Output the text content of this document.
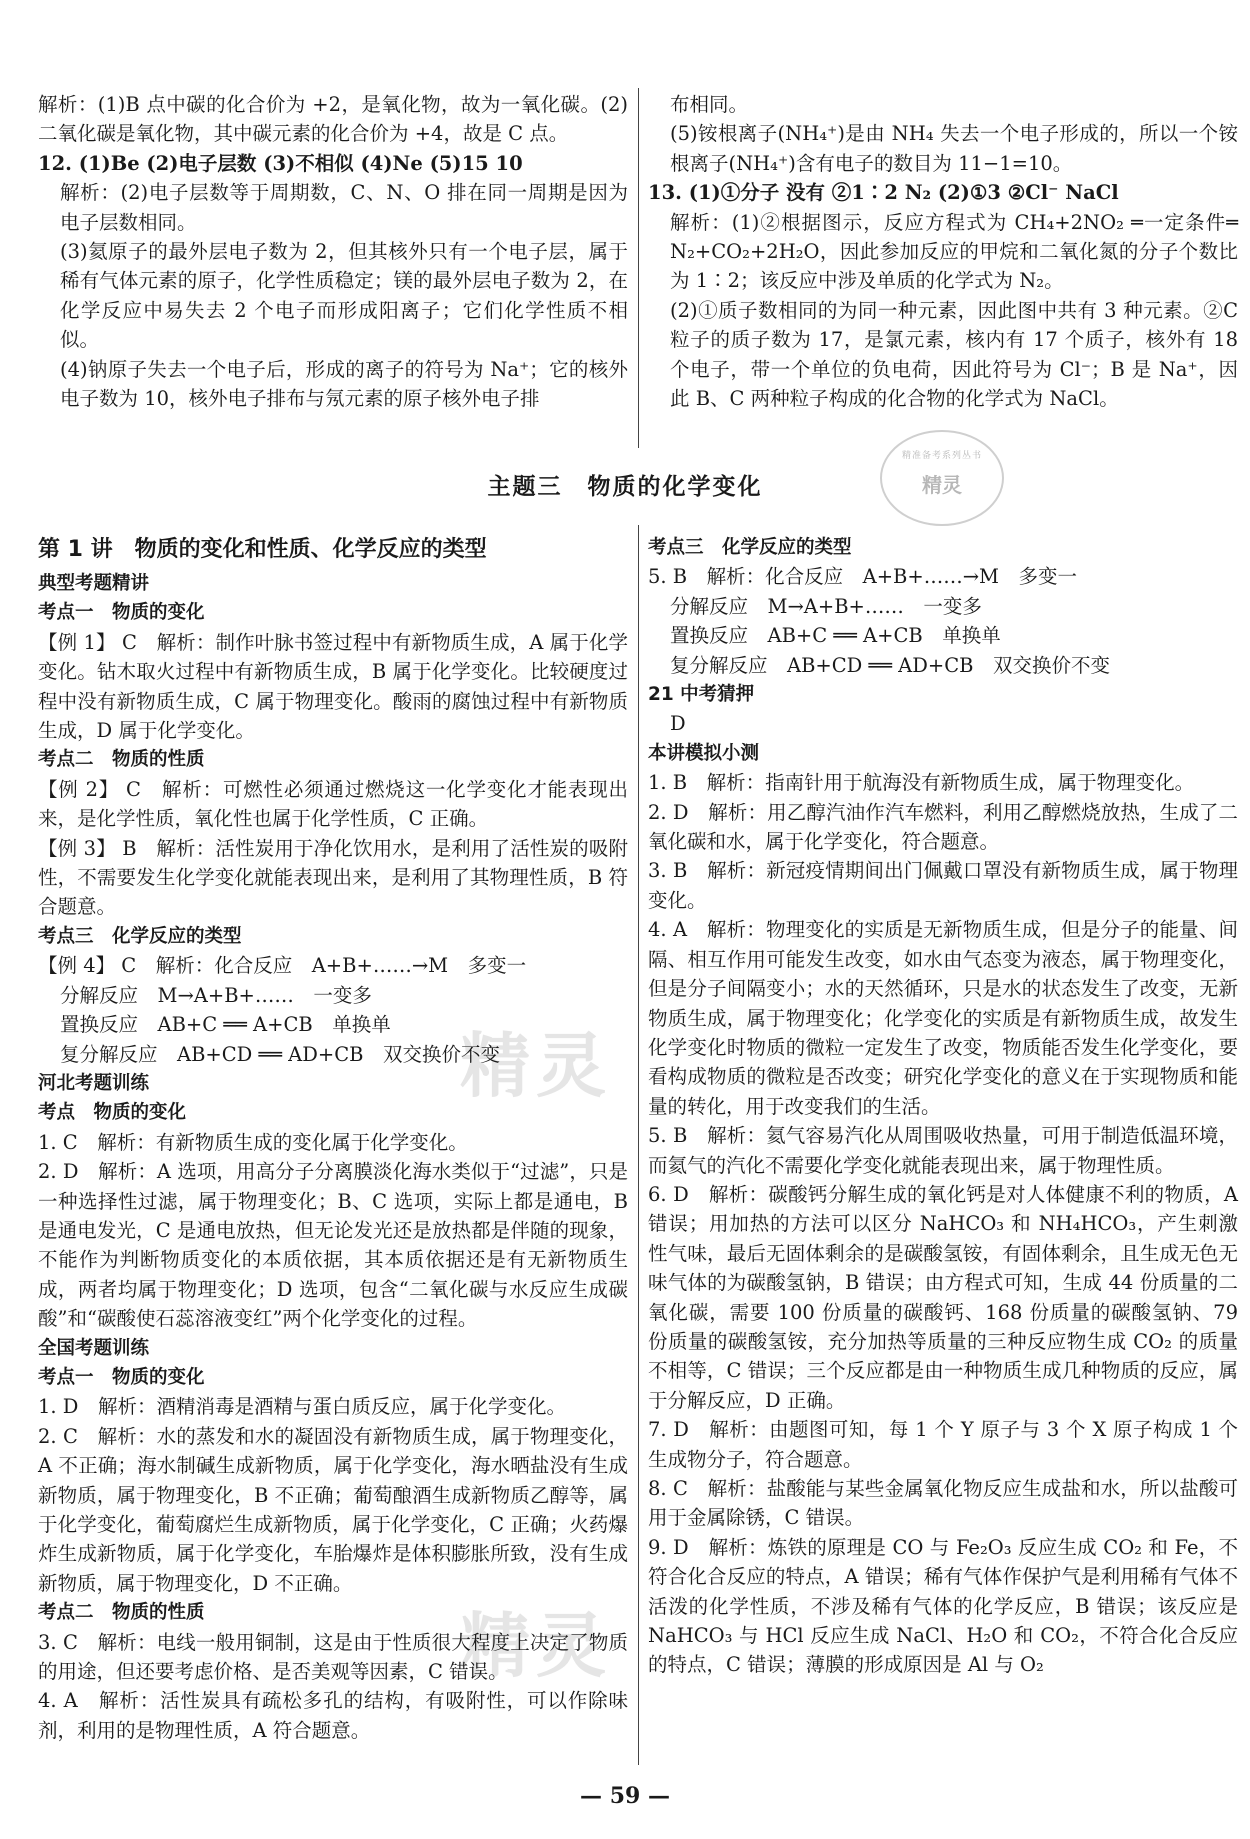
解析：(1)B 点中碳的化合价为 +2，是氧化物，故为一氧化碳。(2)二氧化碳是氧化物，其中碳元素的化合价为 +4，故是 C 点。

12. (1)Be (2)电子层数 (3)不相似 (4)Ne (5)15 10

解析：(2)电子层数等于周期数，C、N、O 排在同一周期是因为电子层数相同。

(3)氦原子的最外层电子数为 2，但其核外只有一个电子层，属于稀有气体元素的原子，化学性质稳定；镁的最外层电子数为 2，在化学反应中易失去 2 个电子而形成阳离子；它们化学性质不相似。

(4)钠原子失去一个电子后，形成的离子的符号为 Na⁺；它的核外电子数为 10，核外电子排布与氖元素的原子核外电子排

布相同。

(5)铵根离子(NH₄⁺)是由 NH₄ 失去一个电子形成的，所以一个铵根离子(NH₄⁺)含有电子的数目为 11−1=10。

13. (1)①分子 没有 ②1∶2 N₂ (2)①3 ②Cl⁻ NaCl

解析：(1)②根据图示，反应方程式为 CH₄+2NO₂ ═一定条件═ N₂+CO₂+2H₂O，因此参加反应的甲烷和二氧化氮的分子个数比为 1∶2；该反应中涉及单质的化学式为 N₂。

(2)①质子数相同的为同一种元素，因此图中共有 3 种元素。②C 粒子的质子数为 17，是氯元素，核内有 17 个质子，核外有 18 个电子，带一个单位的负电荷，因此符号为 Cl⁻；B 是 Na⁺，因此 B、C 两种粒子构成的化合物的化学式为 NaCl。

主题三　物质的化学变化
精准备考系列丛书
精灵
精灵
精灵
第 1 讲　物质的变化和性质、化学反应的类型

典型考题精讲

考点一　物质的变化

【例 1】 C　解析：制作叶脉书签过程中有新物质生成，A 属于化学变化。钻木取火过程中有新物质生成，B 属于化学变化。比较硬度过程中没有新物质生成，C 属于物理变化。酸雨的腐蚀过程中有新物质生成，D 属于化学变化。

考点二　物质的性质

【例 2】 C　解析：可燃性必须通过燃烧这一化学变化才能表现出来，是化学性质，氧化性也属于化学性质，C 正确。

【例 3】 B　解析：活性炭用于净化饮用水，是利用了活性炭的吸附性，不需要发生化学变化就能表现出来，是利用了其物理性质，B 符合题意。

考点三　化学反应的类型

【例 4】 C　解析：化合反应　A+B+……→M　多变一

分解反应　M→A+B+……　一变多

置换反应　AB+C ══ A+CB　单换单

复分解反应　AB+CD ══ AD+CB　双交换价不变

河北考题训练

考点　物质的变化

1. C　解析：有新物质生成的变化属于化学变化。

2. D　解析：A 选项，用高分子分离膜淡化海水类似于“过滤”，只是一种选择性过滤，属于物理变化；B、C 选项，实际上都是通电，B 是通电发光，C 是通电放热，但无论发光还是放热都是伴随的现象，不能作为判断物质变化的本质依据，其本质依据还是有无新物质生成，两者均属于物理变化；D 选项，包含“二氧化碳与水反应生成碳酸”和“碳酸使石蕊溶液变红”两个化学变化的过程。

全国考题训练

考点一　物质的变化

1. D　解析：酒精消毒是酒精与蛋白质反应，属于化学变化。

2. C　解析：水的蒸发和水的凝固没有新物质生成，属于物理变化，A 不正确；海水制碱生成新物质，属于化学变化，海水晒盐没有生成新物质，属于物理变化，B 不正确；葡萄酿酒生成新物质乙醇等，属于化学变化，葡萄腐烂生成新物质，属于化学变化，C 正确；火药爆炸生成新物质，属于化学变化，车胎爆炸是体积膨胀所致，没有生成新物质，属于物理变化，D 不正确。

考点二　物质的性质

3. C　解析：电线一般用铜制，这是由于性质很大程度上决定了物质的用途，但还要考虑价格、是否美观等因素，C 错误。

4. A　解析：活性炭具有疏松多孔的结构，有吸附性，可以作除味剂，利用的是物理性质，A 符合题意。

考点三　化学反应的类型

5. B　解析：化合反应　A+B+……→M　多变一

分解反应　M→A+B+……　一变多

置换反应　AB+C ══ A+CB　单换单

复分解反应　AB+CD ══ AD+CB　双交换价不变

21 中考猜押

D

本讲模拟小测

1. B　解析：指南针用于航海没有新物质生成，属于物理变化。

2. D　解析：用乙醇汽油作汽车燃料，利用乙醇燃烧放热，生成了二氧化碳和水，属于化学变化，符合题意。

3. B　解析：新冠疫情期间出门佩戴口罩没有新物质生成，属于物理变化。

4. A　解析：物理变化的实质是无新物质生成，但是分子的能量、间隔、相互作用可能发生改变，如水由气态变为液态，属于物理变化，但是分子间隔变小；水的天然循环，只是水的状态发生了改变，无新物质生成，属于物理变化；化学变化的实质是有新物质生成，故发生化学变化时物质的微粒一定发生了改变，物质能否发生化学变化，要看构成物质的微粒是否改变；研究化学变化的意义在于实现物质和能量的转化，用于改变我们的生活。

5. B　解析：氦气容易汽化从周围吸收热量，可用于制造低温环境，而氦气的汽化不需要化学变化就能表现出来，属于物理性质。

6. D　解析：碳酸钙分解生成的氧化钙是对人体健康不利的物质，A 错误；用加热的方法可以区分 NaHCO₃ 和 NH₄HCO₃，产生刺激性气味，最后无固体剩余的是碳酸氢铵，有固体剩余，且生成无色无味气体的为碳酸氢钠，B 错误；由方程式可知，生成 44 份质量的二氧化碳，需要 100 份质量的碳酸钙、168 份质量的碳酸氢钠、79 份质量的碳酸氢铵，充分加热等质量的三种反应物生成 CO₂ 的质量不相等，C 错误；三个反应都是由一种物质生成几种物质的反应，属于分解反应，D 正确。

7. D　解析：由题图可知，每 1 个 Y 原子与 3 个 X 原子构成 1 个生成物分子，符合题意。

8. C　解析：盐酸能与某些金属氧化物反应生成盐和水，所以盐酸可用于金属除锈，C 错误。

9. D　解析：炼铁的原理是 CO 与 Fe₂O₃ 反应生成 CO₂ 和 Fe，不符合化合反应的特点，A 错误；稀有气体作保护气是利用稀有气体不活泼的化学性质，不涉及稀有气体的化学反应，B 错误；该反应是 NaHCO₃ 与 HCl 反应生成 NaCl、H₂O 和 CO₂，不符合化合反应的特点，C 错误；薄膜的形成原因是 Al 与 O₂

— 59 —
